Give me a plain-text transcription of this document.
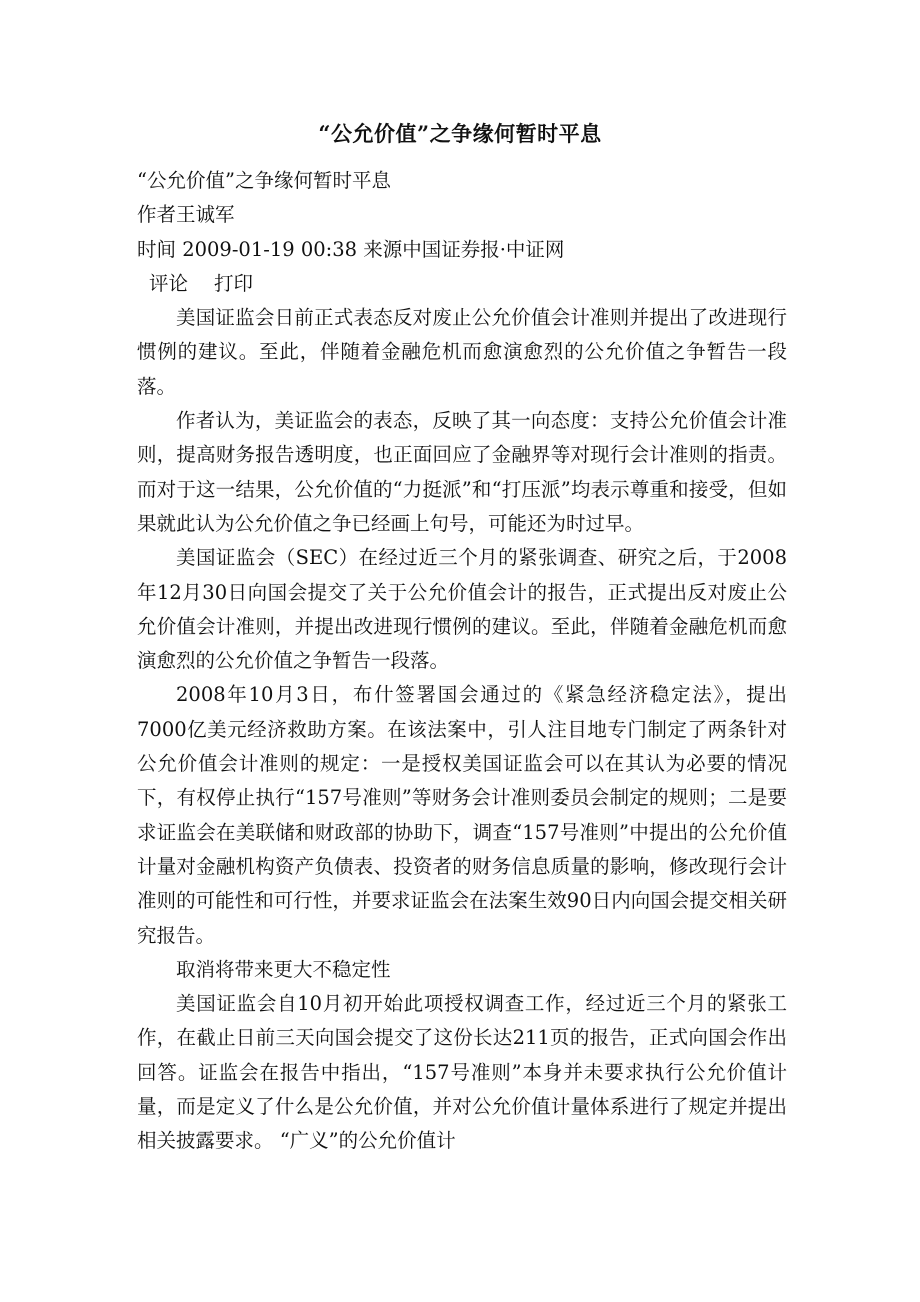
“公允价值”之争缘何暂时平息

“公允价值”之争缘何暂时平息

作者王诚军

时间 2009-01-19 00:38 来源中国证券报·中证网

评论 打印

美国证监会日前正式表态反对废止公允价值会计准则并提出了改进现行惯例的建议。至此，伴随着金融危机而愈演愈烈的公允价值之争暂告一段落。

作者认为，美证监会的表态，反映了其一向态度：支持公允价值会计准则，提高财务报告透明度，也正面回应了金融界等对现行会计准则的指责。而对于这一结果，公允价值的“力挺派”和“打压派”均表示尊重和接受，但如果就此认为公允价值之争已经画上句号，可能还为时过早。

美国证监会（SEC）在经过近三个月的紧张调查、研究之后，于2008年12月30日向国会提交了关于公允价值会计的报告，正式提出反对废止公允价值会计准则，并提出改进现行惯例的建议。至此，伴随着金融危机而愈演愈烈的公允价值之争暂告一段落。

2008年10月3日，布什签署国会通过的《紧急经济稳定法》，提出7000亿美元经济救助方案。在该法案中，引人注目地专门制定了两条针对公允价值会计准则的规定：一是授权美国证监会可以在其认为必要的情况下，有权停止执行“157号准则”等财务会计准则委员会制定的规则；二是要求证监会在美联储和财政部的协助下，调查“157号准则”中提出的公允价值计量对金融机构资产负债表、投资者的财务信息质量的影响，修改现行会计准则的可能性和可行性，并要求证监会在法案生效90日内向国会提交相关研究报告。

取消将带来更大不稳定性

美国证监会自10月初开始此项授权调查工作，经过近三个月的紧张工作，在截止日前三天向国会提交了这份长达211页的报告，正式向国会作出回答。证监会在报告中指出，“157号准则”本身并未要求执行公允价值计量，而是定义了什么是公允价值，并对公允价值计量体系进行了规定并提出相关披露要求。 “广义”的公允价值计
